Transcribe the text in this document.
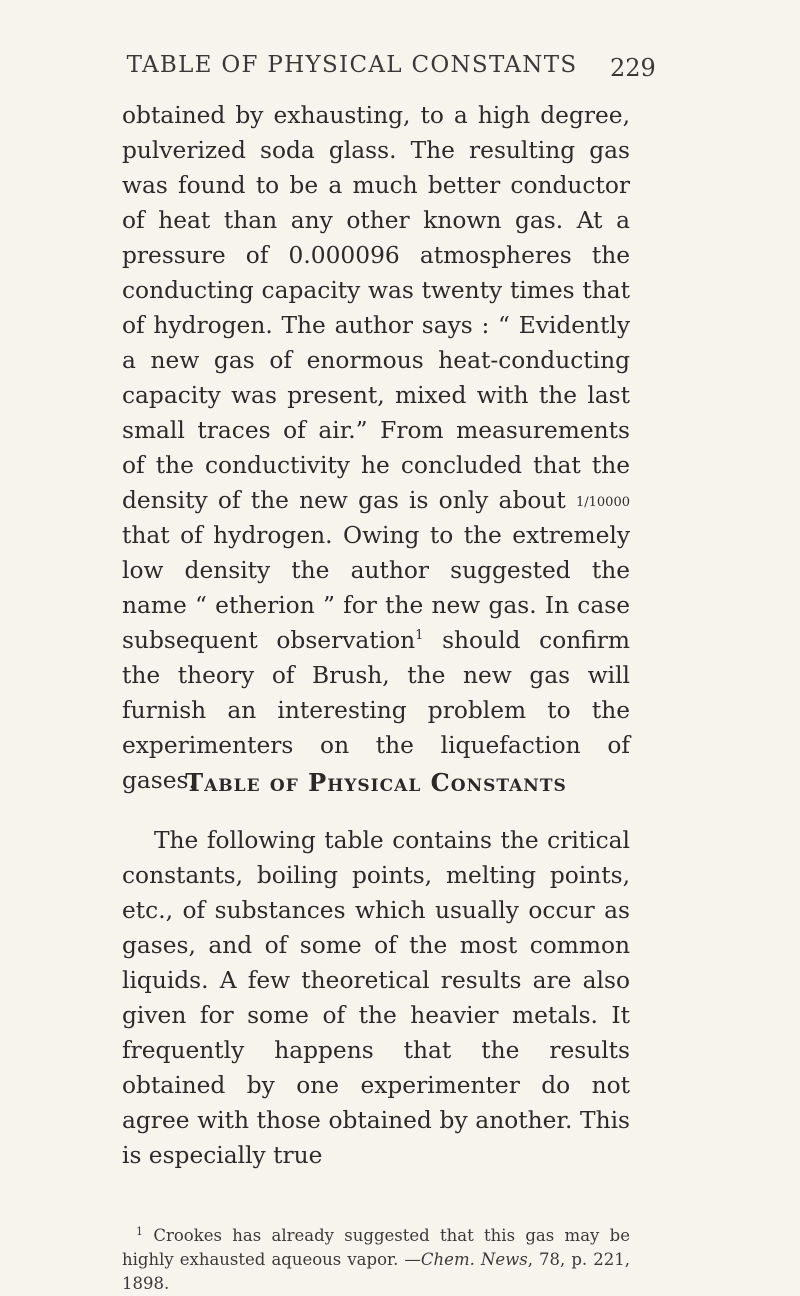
TABLE OF PHYSICAL CONSTANTS 229

obtained by exhausting, to a high degree, pulverized soda glass. The resulting gas was found to be a much better conductor of heat than any other known gas. At a pressure of 0.000096 atmospheres the conducting capacity was twenty times that of hydrogen. The author says : “ Evidently a new gas of enormous heat-conducting capacity was present, mixed with the last small traces of air.” From measurements of the conductivity he concluded that the density of the new gas is only about 1/10000 that of hydrogen. Owing to the extremely low density the author suggested the name “ etherion ” for the new gas. In case subsequent observation$^1$ should confirm the theory of Brush, the new gas will furnish an interesting problem to the experimenters on the liquefaction of gases.

Table of Physical Constants

The following table contains the critical constants, boiling points, melting points, etc., of substances which usually occur as gases, and of some of the most common liquids. A few theoretical results are also given for some of the heavier metals. It frequently happens that the results obtained by one experimenter do not agree with those obtained by another. This is especially true

$^1$ Crookes has already suggested that this gas may be highly exhausted aqueous vapor. —Chem. News, 78, p. 221, 1898.
